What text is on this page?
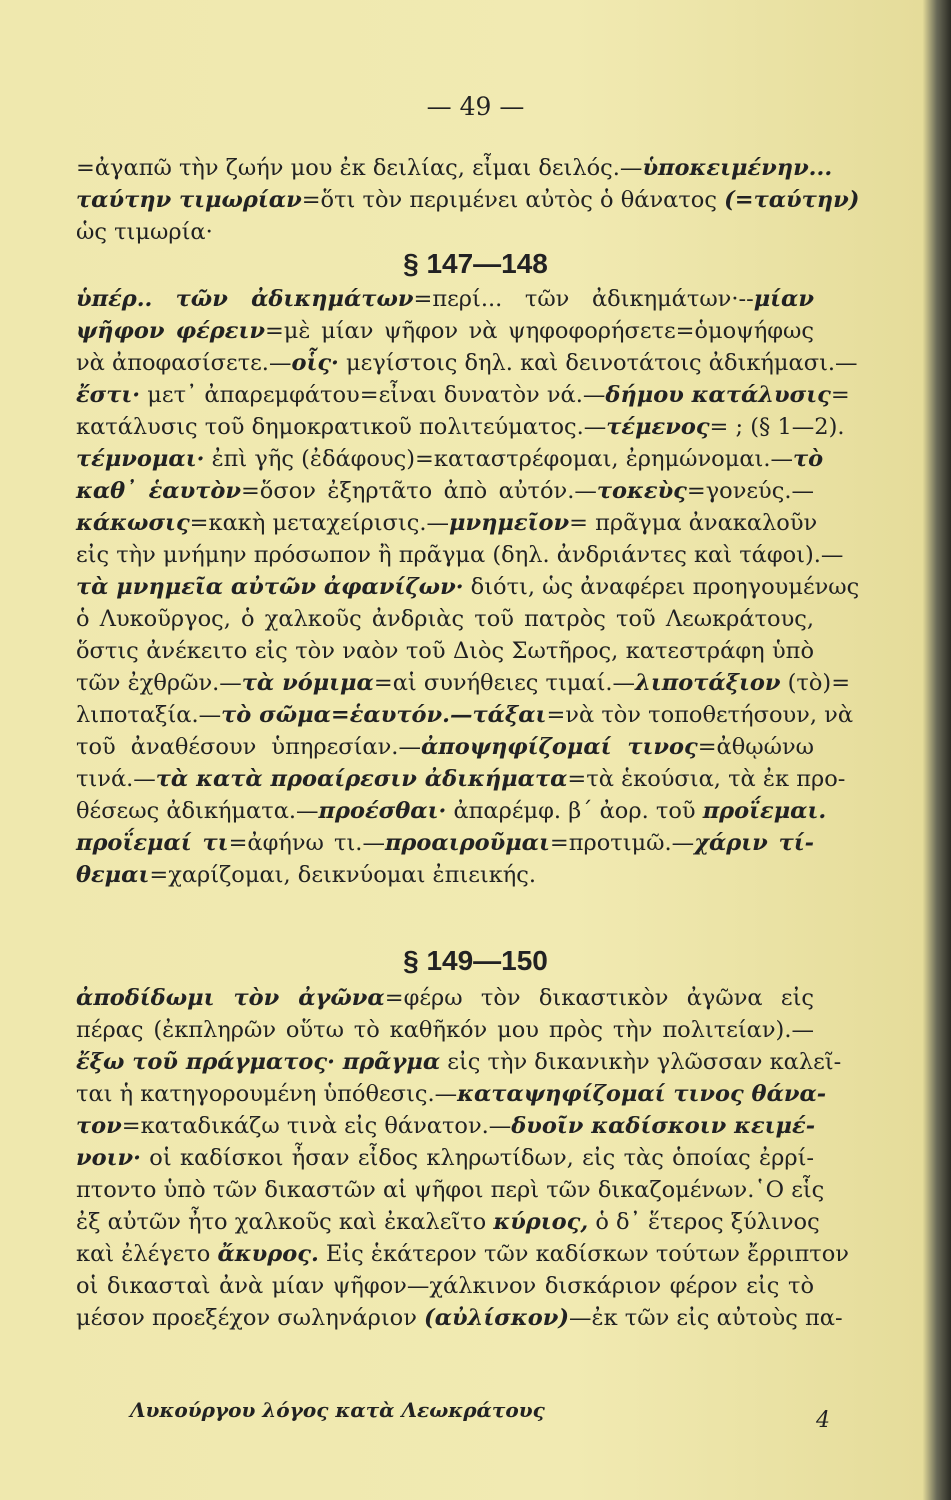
— 49 —
=ἀγαπῶ τὴν ζωήν μου ἐκ δειλίας, εἶμαι δειλός.—ὑποκειμένην...
ταύτην τιμωρίαν=ὅτι τὸν περιμένει αὐτὸς ὁ θάνατος (=ταύτην)
ὡς τιμωρία·
§ 147—148
ὑπέρ.. τῶν ἀδικημάτων=περί... τῶν ἀδικημάτων·--μίαν
ψῆφον φέρειν=μὲ μίαν ψῆφον νὰ ψηφοφορήσετε=ὁμοψήφως
νὰ ἀποφασίσετε.—οἷς· μεγίστοις δηλ. καὶ δεινοτάτοις ἀδικήμασι.—
ἔστι· μετ᾿ ἀπαρεμφάτου=εἶναι δυνατὸν νά.—δήμου κατάλυσις=
κατάλυσις τοῦ δημοκρατικοῦ πολιτεύματος.—τέμενος= ; (§ 1—2).
τέμνομαι· ἐπὶ γῆς (ἐδάφους)=καταστρέφομαι, ἐρημώνομαι.—τὸ
καθ᾿ ἑαυτὸν=ὅσον ἐξηρτᾶτο ἀπὸ αὐτόν.—τοκεὺς=γονεύς.—
κάκωσις=κακὴ μεταχείρισις.—μνημεῖον= πρᾶγμα ἀνακαλοῦν
εἰς τὴν μνήμην πρόσωπον ἢ πρᾶγμα (δηλ. ἀνδριάντες καὶ τάφοι).—
τὰ μνημεῖα αὐτῶν ἀφανίζων· διότι, ὡς ἀναφέρει προηγουμένως
ὁ Λυκοῦργος, ὁ χαλκοῦς ἀνδριὰς τοῦ πατρὸς τοῦ Λεωκράτους,
ὅστις ἀνέκειτο εἰς τὸν ναὸν τοῦ Διὸς Σωτῆρος, κατεστράφη ὑπὸ
τῶν ἐχθρῶν.—τὰ νόμιμα=αἱ συνήθειες τιμαί.—λιποτάξιον (τὸ)=
λιποταξία.—τὸ σῶμα=ἑαυτόν.—τάξαι=νὰ τὸν τοποθετήσουν, νὰ
τοῦ ἀναθέσουν ὑπηρεσίαν.—ἀποψηφίζομαί τινος=ἀθῳώνω
τινά.—τὰ κατὰ προαίρεσιν ἀδικήματα=τὰ ἑκούσια, τὰ ἐκ προ-
θέσεως ἀδικήματα.—προέσθαι· ἀπαρέμφ. β΄ ἀορ. τοῦ προΐεμαι.
προΐεμαί τι=ἀφήνω τι.—προαιροῦμαι=προτιμῶ.—χάριν τί-
θεμαι=χαρίζομαι, δεικνύομαι ἐπιεικής.
§ 149—150
ἀποδίδωμι τὸν ἀγῶνα=φέρω τὸν δικαστικὸν ἀγῶνα εἰς
πέρας (ἐκπληρῶν οὕτω τὸ καθῆκόν μου πρὸς τὴν πολιτείαν).—
ἔξω τοῦ πράγματος· πρᾶγμα εἰς τὴν δικανικὴν γλῶσσαν καλεῖ-
ται ἡ κατηγορουμένη ὑπόθεσις.—καταψηφίζομαί τινος θάνα-
τον=καταδικάζω τινὰ εἰς θάνατον.—δυοῖν καδίσκοιν κειμέ-
νοιν· οἱ καδίσκοι ἦσαν εἶδος κληρωτίδων, εἰς τὰς ὁποίας ἐρρί-
πτοντο ὑπὸ τῶν δικαστῶν αἱ ψῆφοι περὶ τῶν δικαζομένων.῾Ο εἷς
ἐξ αὐτῶν ἦτο χαλκοῦς καὶ ἐκαλεῖτο κύριος, ὁ δ᾿ ἕτερος ξύλινος
καὶ ἐλέγετο ἄκυρος. Εἰς ἑκάτερον τῶν καδίσκων τούτων ἔρριπτον
οἱ δικασταὶ ἀνὰ μίαν ψῆφον—χάλκινον δισκάριον φέρον εἰς τὸ
μέσον προεξέχον σωληνάριον (αὐλίσκον)—ἐκ τῶν εἰς αὐτοὺς πα-
Λυκούργου λόγος κατὰ Λεωκράτους	4
